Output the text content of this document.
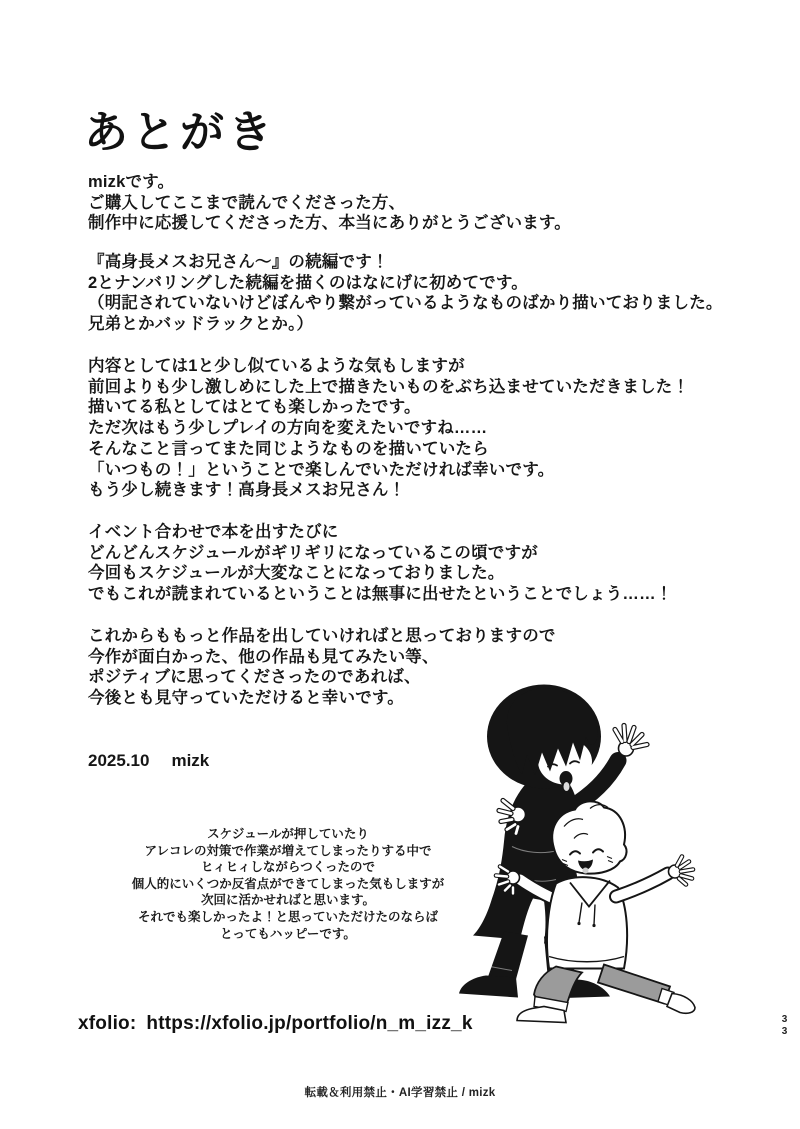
あとがき

mizkです。
ご購入してここまで読んでくださった方、
制作中に応援してくださった方、本当にありがとうございます。

『高身長メスお兄さん〜』の続編です！
2とナンバリングした続編を描くのはなにげに初めてです。
（明記されていないけどぼんやり繋がっているようなものばかり描いておりました。
兄弟とかバッドラックとか。）

内容としては1と少し似ているような気もしますが
前回よりも少し激しめにした上で描きたいものをぶち込ませていただきました！
描いてる私としてはとても楽しかったです。
ただ次はもう少しプレイの方向を変えたいですね……
そんなこと言ってまた同じようなものを描いていたら
「いつもの！」ということで楽しんでいただければ幸いです。
もう少し続きます！高身長メスお兄さん！

イベント合わせで本を出すたびに
どんどんスケジュールがギリギリになっているこの頃ですが
今回もスケジュールが大変なことになっておりました。
でもこれが読まれているということは無事に出せたということでしょう……！

これからももっと作品を出していければと思っておりますので
今作が面白かった、他の作品も見てみたい等、
ポジティブに思ってくださったのであれば、
今後とも見守っていただけると幸いです。

2025.10 mizk

スケジュールが押していたり
アレコレの対策で作業が増えてしまったりする中で
ヒィヒィしながらつくったので
個人的にいくつか反省点ができてしまった気もしますが
次回に活かせればと思います。
それでも楽しかったよ！と思っていただけたのならば
とってもハッピーです。

xfolio: https://xfolio.jp/portfolio/n_m_izz_k	33
転載＆利用禁止・AI学習禁止 / mizk
